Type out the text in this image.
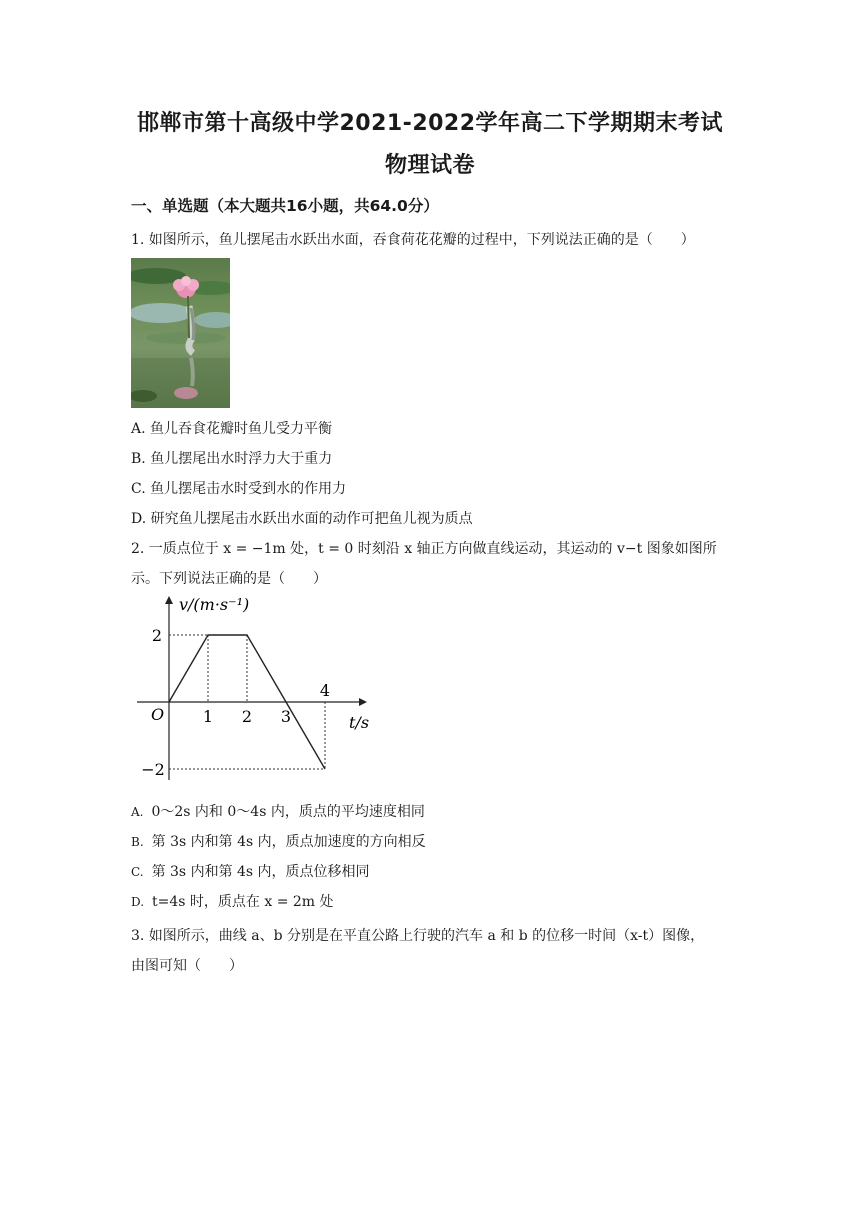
邯郸市第十高级中学2021-2022学年高二下学期期末考试
物理试卷
一、单选题（本大题共16小题，共64.0分）
1. 如图所示，鱼儿摆尾击水跃出水面，吞食荷花花瓣的过程中，下列说法正确的是（　　）
A. 鱼儿吞食花瓣时鱼儿受力平衡
B. 鱼儿摆尾出水时浮力大于重力
C. 鱼儿摆尾击水时受到水的作用力
D. 研究鱼儿摆尾击水跃出水面的动作可把鱼儿视为质点
2. 一质点位于 x = −1m 处，t = 0 时刻沿 x 轴正方向做直线运动，其运动的 v−t 图象如图所
示。下列说法正确的是（　　）
1 2 3
4
2
−2
v/(m·s⁻¹)
t/s
O
A. 0～2s 内和 0～4s 内，质点的平均速度相同
B. 第 3s 内和第 4s 内，质点加速度的方向相反
C. 第 3s 内和第 4s 内，质点位移相同
D. t=4s 时，质点在 x = 2m 处
3. 如图所示，曲线 a、b 分别是在平直公路上行驶的汽车 a 和 b 的位移一时间（x-t）图像，
由图可知（　　）
